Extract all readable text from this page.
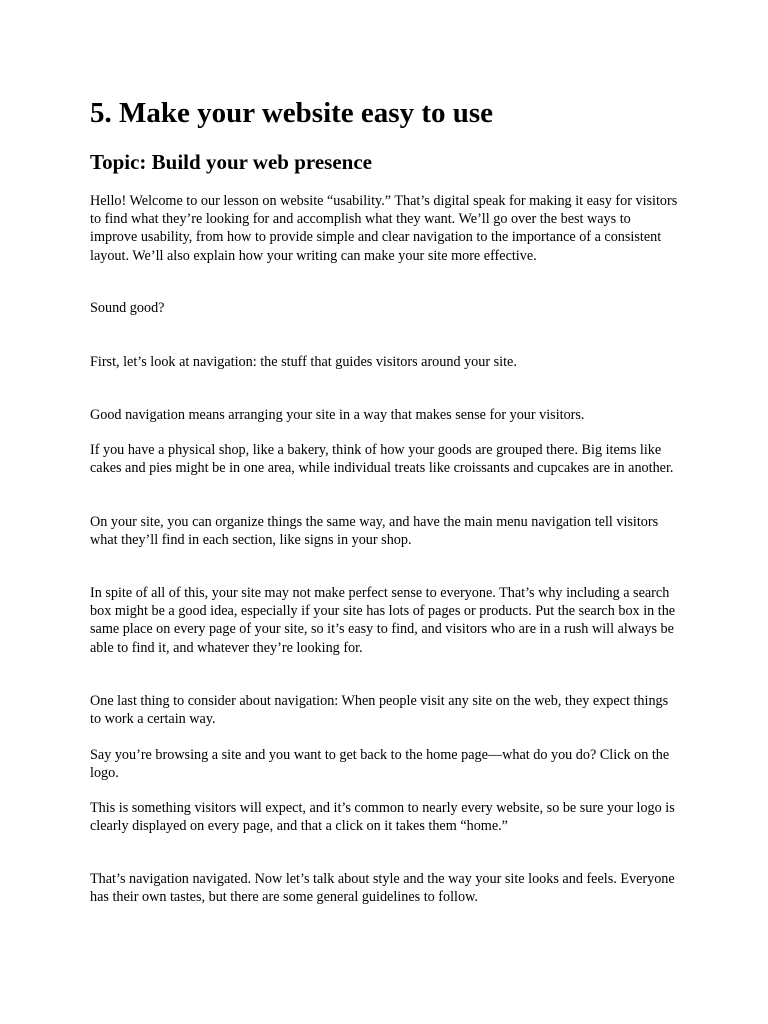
5. Make your website easy to use
Topic: Build your web presence

Hello! Welcome to our lesson on website “usability.” That’s digital speak for making it easy for visitors to find what they’re looking for and accomplish what they want. We’ll go over the best ways to improve usability, from how to provide simple and clear navigation to the importance of a consistent layout. We’ll also explain how your writing can make your site more effective.

Sound good?

First, let’s look at navigation: the stuff that guides visitors around your site.

Good navigation means arranging your site in a way that makes sense for your visitors.

If you have a physical shop, like a bakery, think of how your goods are grouped there. Big items like cakes and pies might be in one area, while individual treats like croissants and cupcakes are in another.

On your site, you can organize things the same way, and have the main menu navigation tell visitors what they’ll find in each section, like signs in your shop.

In spite of all of this, your site may not make perfect sense to everyone. That’s why including a search box might be a good idea, especially if your site has lots of pages or products. Put the search box in the same place on every page of your site, so it’s easy to find, and visitors who are in a rush will always be able to find it, and whatever they’re looking for.

One last thing to consider about navigation: When people visit any site on the web, they expect things to work a certain way.

Say you’re browsing a site and you want to get back to the home page—what do you do? Click on the logo.

This is something visitors will expect, and it’s common to nearly every website, so be sure your logo is clearly displayed on every page, and that a click on it takes them “home.”

That’s navigation navigated. Now let’s talk about style and the way your site looks and feels. Everyone has their own tastes, but there are some general guidelines to follow.
